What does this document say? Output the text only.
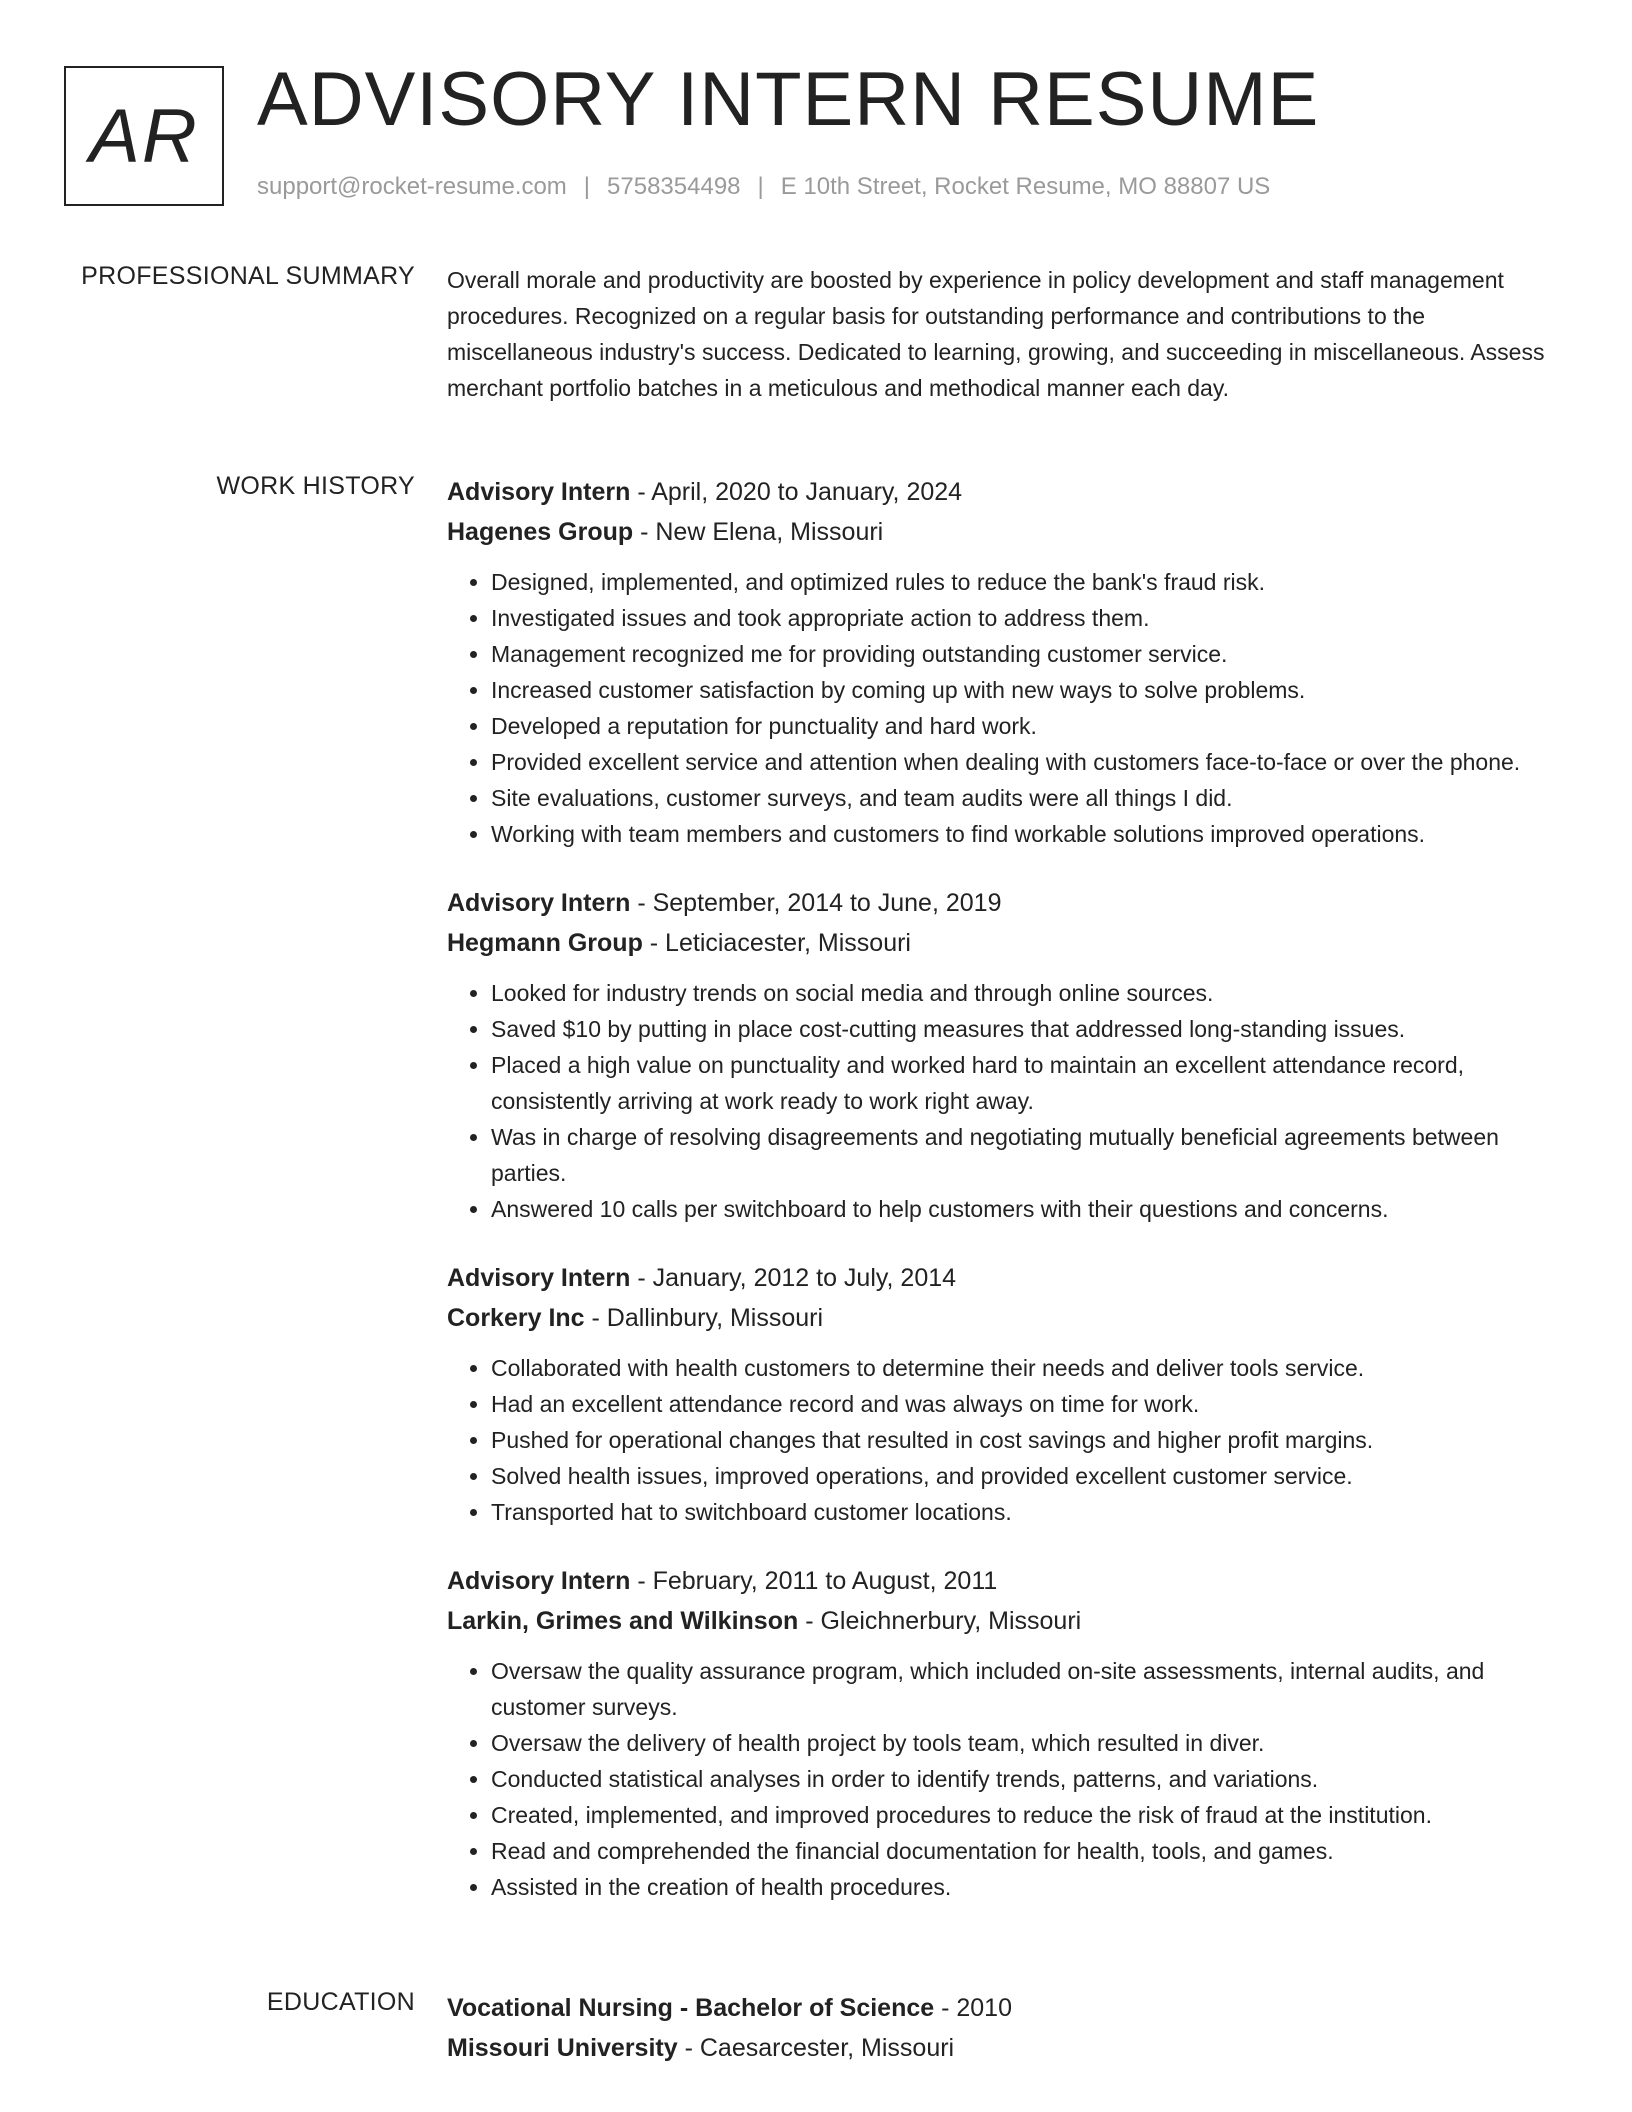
AR ADVISORY INTERN RESUME
support@rocket-resume.com | 5758354498 | E 10th Street, Rocket Resume, MO 88807 US
PROFESSIONAL SUMMARY Overall morale and productivity are boosted by experience in policy development and staff management procedures. Recognized on a regular basis for outstanding performance and contributions to the miscellaneous industry's success. Dedicated to learning, growing, and succeeding in miscellaneous. Assess merchant portfolio batches in a meticulous and methodical manner each day.

WORK HISTORY Advisory Intern - April, 2020 to January, 2024
Hagenes Group - New Elena, Missouri
• Designed, implemented, and optimized rules to reduce the bank's fraud risk.
• Investigated issues and took appropriate action to address them.
• Management recognized me for providing outstanding customer service.
• Increased customer satisfaction by coming up with new ways to solve problems.
• Developed a reputation for punctuality and hard work.
• Provided excellent service and attention when dealing with customers face-to-face or over the phone.
• Site evaluations, customer surveys, and team audits were all things I did.
• Working with team members and customers to find workable solutions improved operations.
Advisory Intern - September, 2014 to June, 2019
Hegmann Group - Leticiacester, Missouri
• Looked for industry trends on social media and through online sources.
• Saved $10 by putting in place cost-cutting measures that addressed long-standing issues.
• Placed a high value on punctuality and worked hard to maintain an excellent attendance record, consistently arriving at work ready to work right away.
• Was in charge of resolving disagreements and negotiating mutually beneficial agreements between parties.
• Answered 10 calls per switchboard to help customers with their questions and concerns.
Advisory Intern - January, 2012 to July, 2014
Corkery Inc - Dallinbury, Missouri
• Collaborated with health customers to determine their needs and deliver tools service.
• Had an excellent attendance record and was always on time for work.
• Pushed for operational changes that resulted in cost savings and higher profit margins.
• Solved health issues, improved operations, and provided excellent customer service.
• Transported hat to switchboard customer locations.
Advisory Intern - February, 2011 to August, 2011
Larkin, Grimes and Wilkinson - Gleichnerbury, Missouri
• Oversaw the quality assurance program, which included on-site assessments, internal audits, and customer surveys.
• Oversaw the delivery of health project by tools team, which resulted in diver.
• Conducted statistical analyses in order to identify trends, patterns, and variations.
• Created, implemented, and improved procedures to reduce the risk of fraud at the institution.
• Read and comprehended the financial documentation for health, tools, and games.
• Assisted in the creation of health procedures.
EDUCATION Vocational Nursing - Bachelor of Science - 2010
Missouri University - Caesarcester, Missouri
